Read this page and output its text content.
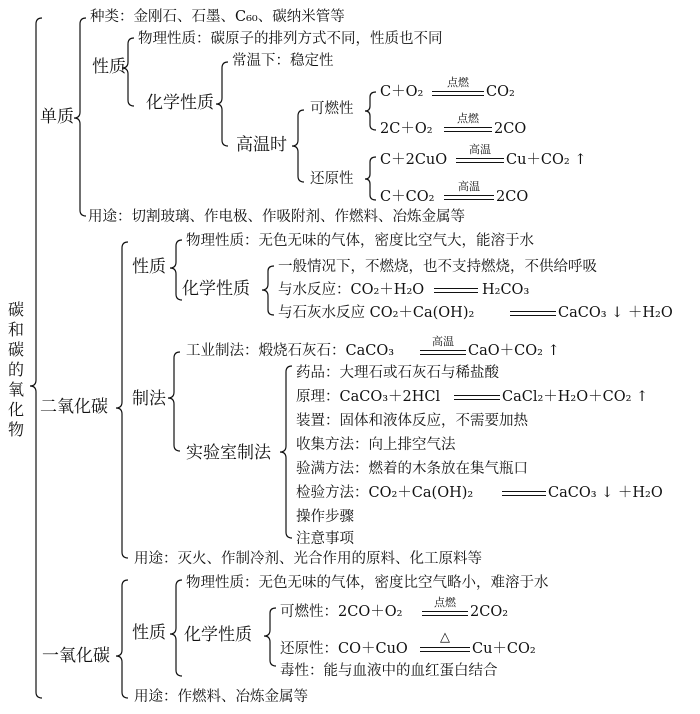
碳和碳的氧化物
单质
种类：金刚石、石墨、C₆₀、碳纳米管等
性质
物理性质：碳原子的排列方式不同，性质也不同
化学性质
常温下：稳定性
高温时
可燃性
还原性
C＋O₂
点燃
CO₂
2C＋O₂
点燃
2CO
C＋2CuO
高温
Cu＋CO₂ ↑
C＋CO₂
高温
2CO
用途：切割玻璃、作电极、作吸附剂、作燃料、冶炼金属等
二氧化碳
性质
物理性质：无色无味的气体，密度比空气大，能溶于水
化学性质
一般情况下，不燃烧，也不支持燃烧，不供给呼吸
与水反应：CO₂＋H₂O	H₂CO₃
与石灰水反应 CO₂＋Ca(OH)₂	CaCO₃ ↓ ＋H₂O
制法
工业制法：煅烧石灰石：CaCO₃
高温
CaO＋CO₂ ↑
实验室制法
药品：大理石或石灰石与稀盐酸
原理：CaCO₃＋2HCl	CaCl₂＋H₂O＋CO₂ ↑
装置：固体和液体反应，不需要加热
收集方法：向上排空气法
验满方法：燃着的木条放在集气瓶口
检验方法：CO₂＋Ca(OH)₂	CaCO₃ ↓ ＋H₂O
操作步骤
注意事项
用途：灭火、作制冷剂、光合作用的原料、化工原料等
一氧化碳
性质
物理性质：无色无味的气体，密度比空气略小，难溶于水
化学性质
可燃性：2CO＋O₂
点燃
2CO₂
还原性：CO＋CuO
△
Cu＋CO₂
毒性：能与血液中的血红蛋白结合
用途：作燃料、冶炼金属等
